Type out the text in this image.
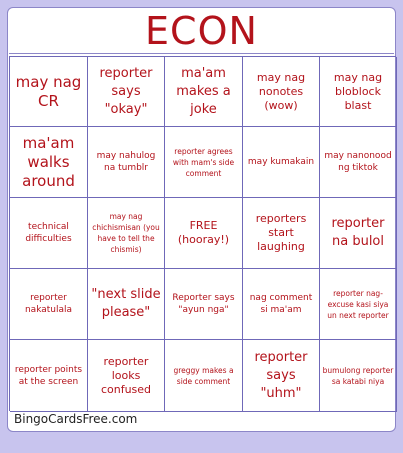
ECON
may nag CR
reporter says "okay"
ma'am makes a joke
may nag nonotes (wow)
may nag bloblock blast
ma'am walks around
may nahulog na tumblr
reporter agrees with mam's side comment
may kumakain
may nanonood ng tiktok
technical difficulties
may nag chichismisan (you have to tell the chismis)
FREE (hooray!)
reporters start laughing
reporter na bulol
reporter nakatulala
"next slide please"
Reporter says "ayun nga"
nag comment si ma'am
reporter nag-excuse kasi siya un next reporter
reporter points at the screen
reporter looks confused
greggy makes a side comment
reporter says "uhm"
bumulong reporter sa katabi niya
BingoCardsFree.com
